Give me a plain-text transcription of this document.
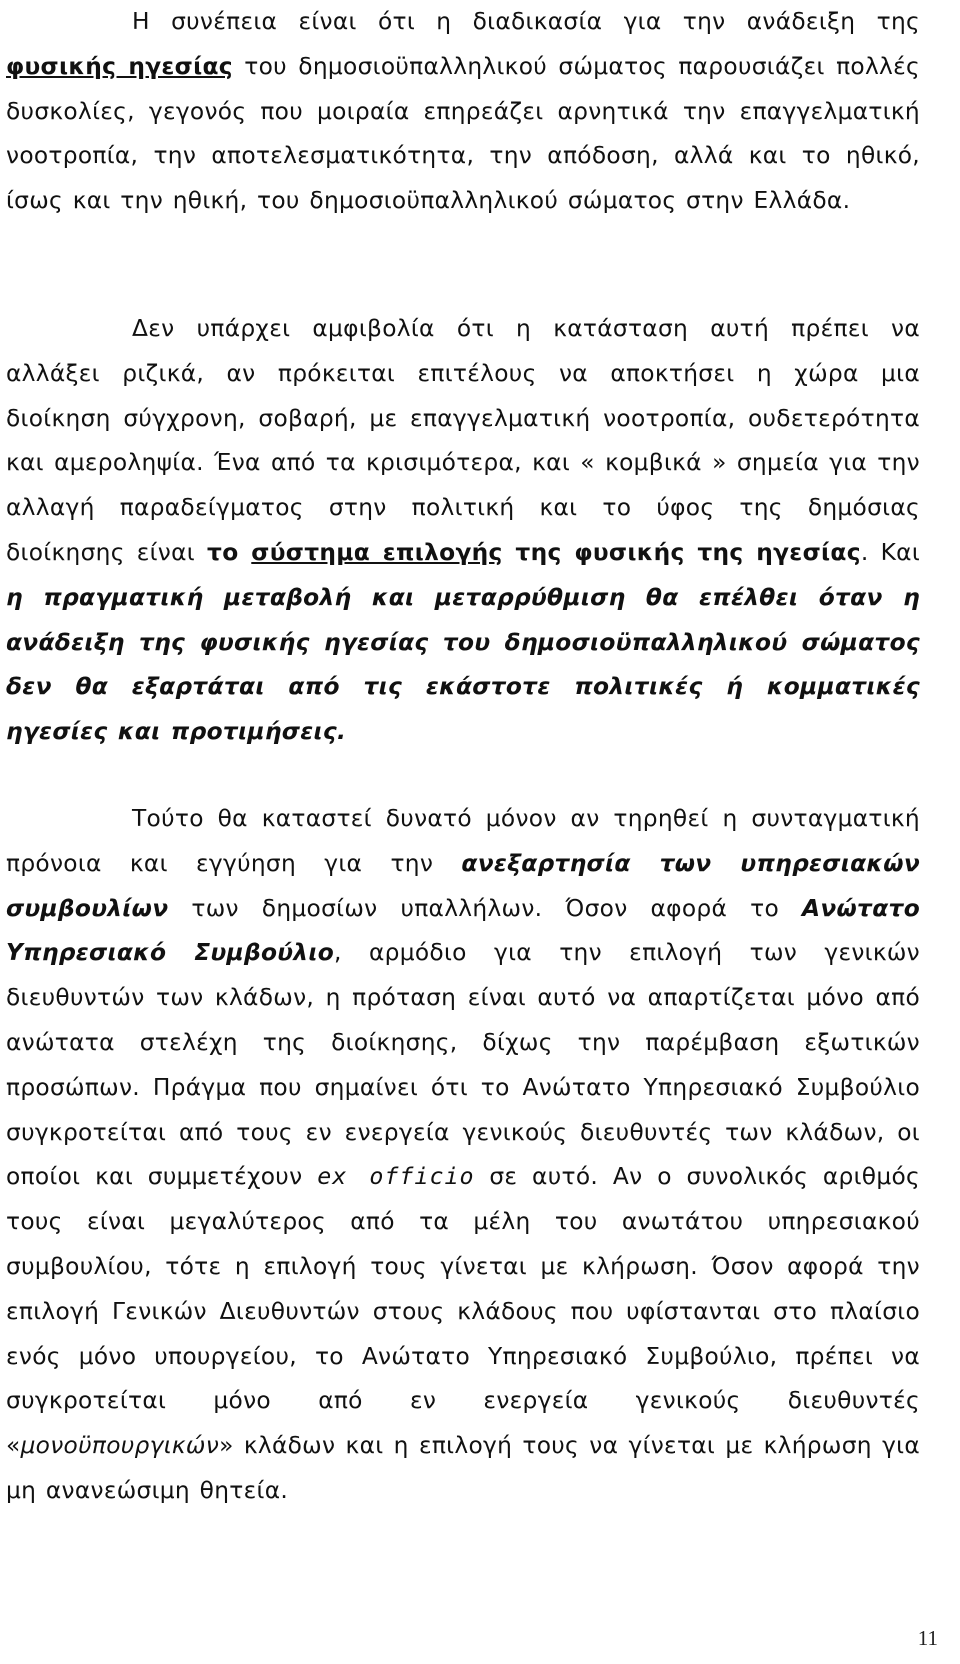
Η συνέπεια είναι ότι η διαδικασία για την ανάδειξη της φυσικής ηγεσίας του δημοσιοϋπαλληλικού σώματος παρουσιάζει πολλές δυσκολίες, γεγονός που μοιραία επηρεάζει αρνητικά την επαγγελματική νοοτροπία, την αποτελεσματικότητα, την απόδοση, αλλά και το ηθικό, ίσως και την ηθική, του δημοσιοϋπαλληλικού σώματος στην Ελλάδα.

Δεν υπάρχει αμφιβολία ότι η κατάσταση αυτή πρέπει να αλλάξει ριζικά, αν πρόκειται επιτέλους να αποκτήσει η χώρα μια διοίκηση σύγχρονη, σοβαρή, με επαγγελματική νοοτροπία, ουδετερότητα και αμεροληψία. Ένα από τα κρισιμότερα, και « κομβικά » σημεία για την αλλαγή παραδείγματος στην πολιτική και το ύφος της δημόσιας διοίκησης είναι το σύστημα επιλογής της φυσικής της ηγεσίας. Και η πραγματική μεταβολή και μεταρρύθμιση θα επέλθει όταν η ανάδειξη της φυσικής ηγεσίας του δημοσιοϋπαλληλικού σώματος δεν θα εξαρτάται από τις εκάστοτε πολιτικές ή κομματικές ηγεσίες και προτιμήσεις.

Τούτο θα καταστεί δυνατό μόνον αν τηρηθεί η συνταγματική πρόνοια και εγγύηση για την ανεξαρτησία των υπηρεσιακών συμβουλίων των δημοσίων υπαλλήλων. Όσον αφορά το Ανώτατο Υπηρεσιακό Συμβούλιο, αρμόδιο για την επιλογή των γενικών διευθυντών των κλάδων, η πρόταση είναι αυτό να απαρτίζεται μόνο από ανώτατα στελέχη της διοίκησης, δίχως την παρέμβαση εξωτικών προσώπων. Πράγμα που σημαίνει ότι το Ανώτατο Υπηρεσιακό Συμβούλιο συγκροτείται από τους εν ενεργεία γενικούς διευθυντές των κλάδων, οι οποίοι και συμμετέχουν ex officio σε αυτό. Αν ο συνολικός αριθμός τους είναι μεγαλύτερος από τα μέλη του ανωτάτου υπηρεσιακού συμβουλίου, τότε η επιλογή τους γίνεται με κλήρωση. Όσον αφορά την επιλογή Γενικών Διευθυντών στους κλάδους που υφίστανται στο πλαίσιο ενός μόνο υπουργείου, το Ανώτατο Υπηρεσιακό Συμβούλιο, πρέπει να συγκροτείται μόνο από εν ενεργεία γενικούς διευθυντές «μονοϋπουργικών» κλάδων και η επιλογή τους να γίνεται με κλήρωση για μη ανανεώσιμη θητεία.

11
